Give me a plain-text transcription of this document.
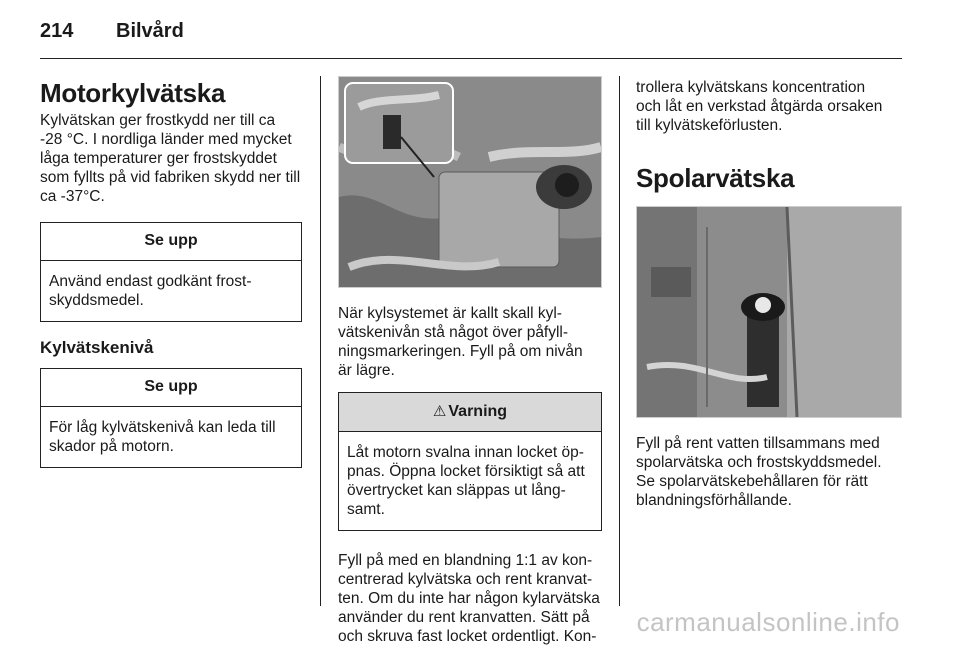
214 Bilvård
Motorkylvätska

Kylvätskan ger frostkydd ner till ca
-28 °C. I nordliga länder med mycket
låga temperaturer ger frostskyddet
som fyllts på vid fabriken skydd ner till
ca -37°C.

Se upp
Använd endast godkänt frost-
skyddsmedel.
Kylvätskenivå
Se upp
För låg kylvätskenivå kan leda till
skador på motorn.

När kylsystemet är kallt skall kyl-
vätskenivån stå något över påfyll-
ningsmarkeringen. Fyll på om nivån
är lägre.

⚠ Varning
Låt motorn svalna innan locket öp-
pnas. Öppna locket försiktigt så att
övertrycket kan släppas ut lång-
samt.

Fyll på med en blandning 1:1 av kon-
centrerad kylvätska och rent kranvat-
ten. Om du inte har någon kylarvätska
använder du rent kranvatten. Sätt på
och skruva fast locket ordentligt. Kon-

trollera kylvätskans koncentration
och låt en verkstad åtgärda orsaken
till kylvätskeförlusten.

Spolarvätska

Fyll på rent vatten tillsammans med
spolarvätska och frostskyddsmedel.
Se spolarvätskebehållaren för rätt
blandningsförhållande.

carmanualsonline.info
